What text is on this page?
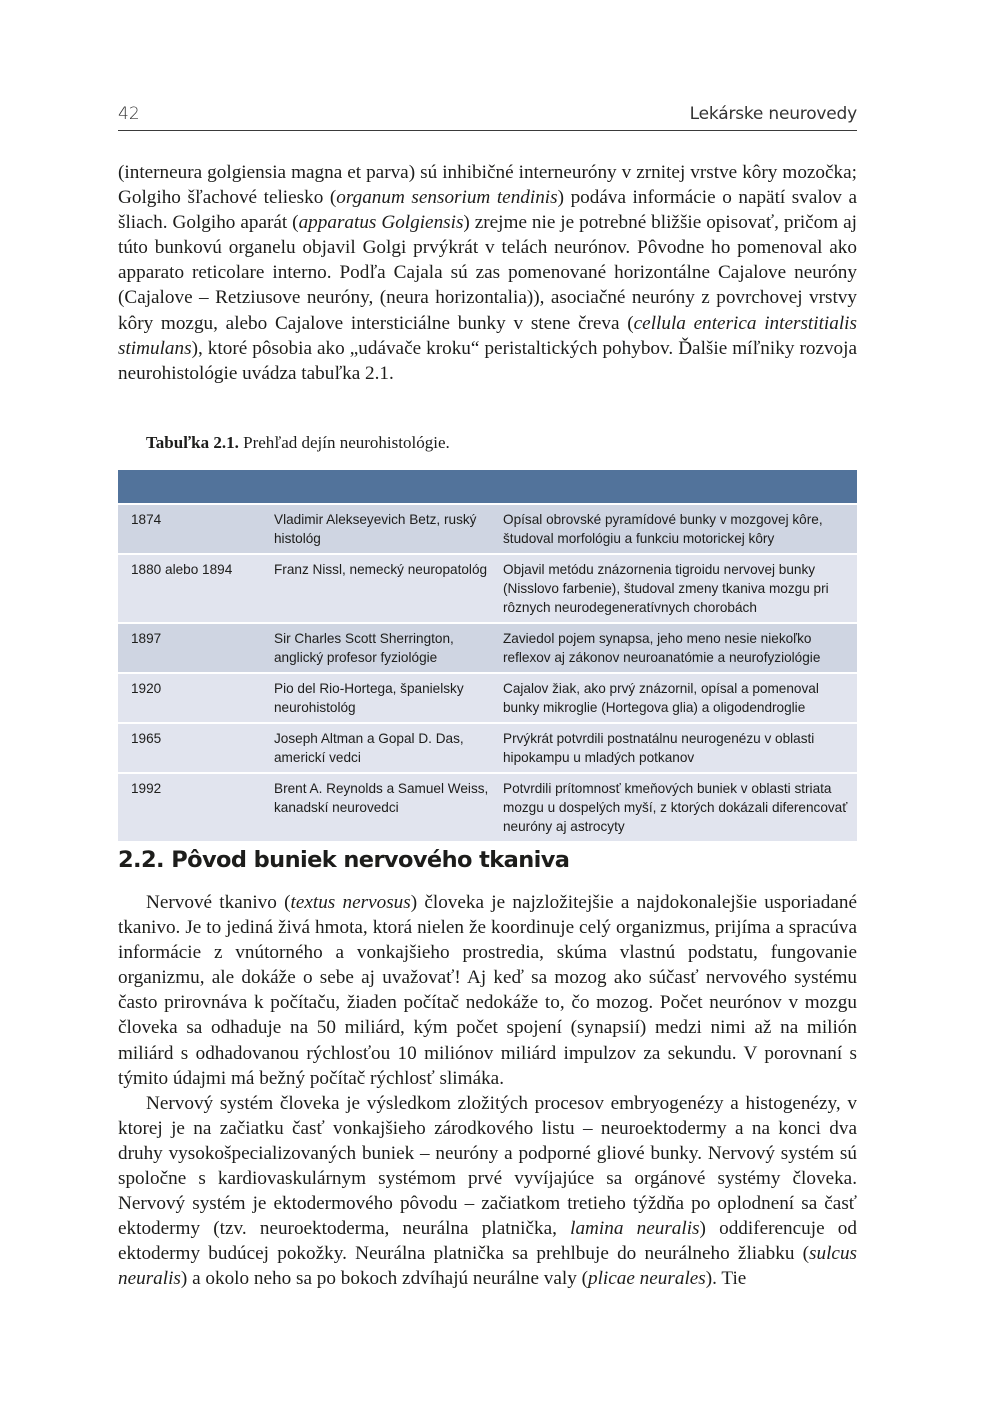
42	Lekárske neurovedy

(interneura golgiensia magna et parva) sú inhibičné interneuróny v zrnitej vrstve kôry mozočka; Golgiho šľachové teliesko (organum sensorium tendinis) podáva informácie o napätí svalov a šliach. Golgiho aparát (apparatus Golgiensis) zrejme nie je potrebné bližšie opisovať, pričom aj túto bunkovú organelu objavil Golgi prvýkrát v telách neurónov. Pôvodne ho pomenoval ako apparato reticolare interno. Podľa Cajala sú zas pomenované horizontálne Cajalove neuróny (Cajalove – Retziusove neuróny, (neura horizontalia)), asociačné neuróny z povrchovej vrstvy kôry mozgu, alebo Cajalove intersticiálne bunky v stene čreva (cellula enterica interstitialis stimulans), ktoré pôsobia ako „udávače kroku“ peristaltických pohybov. Ďalšie míľniky rozvoja neurohistológie uvádza tabuľka 2.1.

Tabuľka 2.1. Prehľad dejín neurohistológie.

1874	Vladimir Alekseyevich Betz, ruský histológ	Opísal obrovské pyramídové bunky v mozgovej kôre, študoval morfológiu a funkciu motorickej kôry
1880 alebo 1894	Franz Nissl, nemecký neuropatológ	Objavil metódu znázornenia tigroidu nervovej bunky (Nisslovo farbenie), študoval zmeny tkaniva mozgu pri rôznych neurodegeneratívnych chorobách
1897	Sir Charles Scott Sherrington, anglický profesor fyziológie	Zaviedol pojem synapsa, jeho meno nesie niekoľko reflexov aj zákonov neuroanatómie a neurofyziológie
1920	Pio del Rio-Hortega, španielsky neurohistológ	Cajalov žiak, ako prvý znázornil, opísal a pomenoval bunky mikroglie (Hortegova glia) a oligodendroglie
1965	Joseph Altman a Gopal D. Das, americkí vedci	Prvýkrát potvrdili postnatálnu neurogenézu v oblasti hipokampu u mladých potkanov
1992	Brent A. Reynolds a Samuel Weiss, kanadskí neurovedci	Potvrdili prítomnosť kmeňových buniek v oblasti striata mozgu u dospelých myší, z ktorých dokázali diferencovať neuróny aj astrocyty
2.2. Pôvod buniek nervového tkaniva

Nervové tkanivo (textus nervosus) človeka je najzložitejšie a najdokonalejšie usporiadané tkanivo. Je to jediná živá hmota, ktorá nielen že koordinuje celý organizmus, prijíma a spracúva informácie z vnútorného a vonkajšieho prostredia, skúma vlastnú podstatu, fungovanie organizmu, ale dokáže o sebe aj uvažovať! Aj keď sa mozog ako súčasť nervového systému často prirovnáva k počítaču, žiaden počítač nedokáže to, čo mozog. Počet neurónov v mozgu človeka sa odhaduje na 50 miliárd, kým počet spojení (synapsií) medzi nimi až na milión miliárd s odhadovanou rýchlosťou 10 miliónov miliárd impulzov za sekundu. V porovnaní s týmito údajmi má bežný počítač rýchlosť slimáka.

Nervový systém človeka je výsledkom zložitých procesov embryogenézy a histogenézy, v ktorej je na začiatku časť vonkajšieho zárodkového listu – neuroektodermy a na konci dva druhy vysokošpecializovaných buniek – neuróny a podporné gliové bunky. Nervový systém sú spoločne s kardiovaskulárnym systémom prvé vyvíjajúce sa orgánové systémy človeka. Nervový systém je ektodermového pôvodu – začiatkom tretieho týždňa po oplodnení sa časť ektodermy (tzv. neuroektoderma, neurálna platnička, lamina neuralis) oddiferencuje od ektodermy budúcej pokožky. Neurálna platnička sa prehlbuje do neurálneho žliabku (sulcus neuralis) a okolo neho sa po bokoch zdvíhajú neurálne valy (plicae neurales). Tie
